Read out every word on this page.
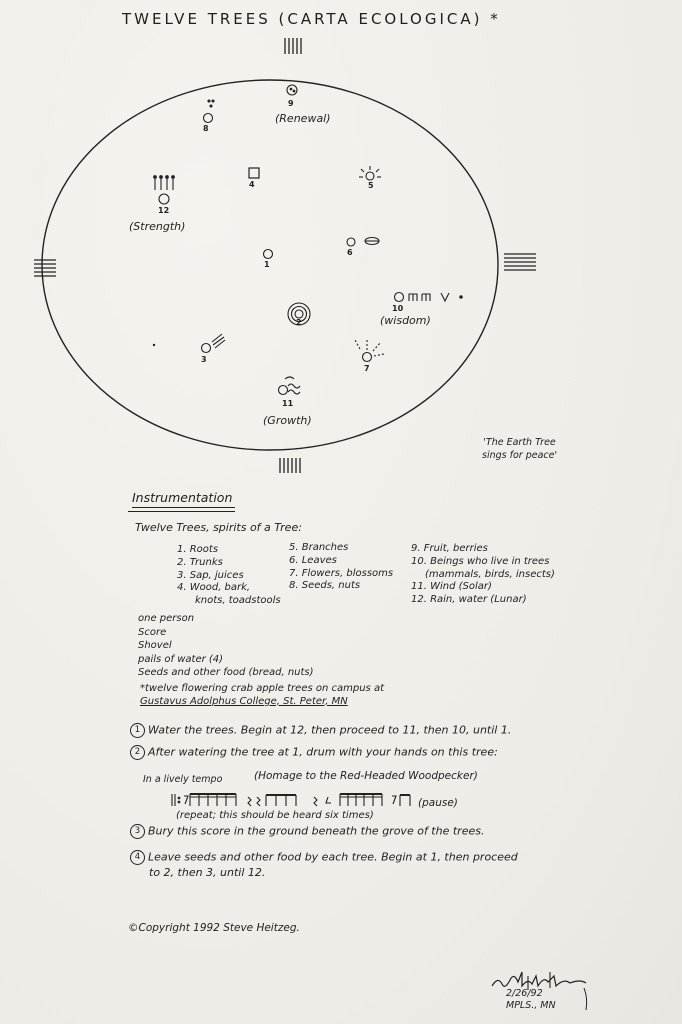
TWELVE TREES (CARTA ECOLOGICA) *
9
(Renewal)
8
4	5
12
(Strength)
6
1
10
(wisdom)
2
3
7
11
(Growth)
'The Earth Tree
sings for peace'
Instrumentation
Twelve Trees, spirits of a Tree:
1. Roots
2. Trunks
3. Sap, juices
4. Wood, bark,
knots, toadstools
5. Branches
6. Leaves
7. Flowers, blossoms
8. Seeds, nuts
9. Fruit, berries
10. Beings who live in trees
(mammals, birds, insects)
11. Wind (Solar)
12. Rain, water (Lunar)
one person
Score
Shovel
pails of water (4)
Seeds and other food (bread, nuts)
*twelve flowering crab apple trees on campus at
Gustavus Adolphus College, St. Peter, MN
1 Water the trees. Begin at 12, then proceed to 11, then 10, until 1.
2 After watering the tree at 1, drum with your hands on this tree:
In a lively tempo	(Homage to the Red-Headed Woodpecker)
(pause)
(repeat; this should be heard six times)
3 Bury this score in the ground beneath the grove of the trees.
4 Leave seeds and other food by each tree. Begin at 1, then proceed
to 2, then 3, until 12.
©Copyright 1992 Steve Heitzeg.
2/26/92
MPLS., MN
